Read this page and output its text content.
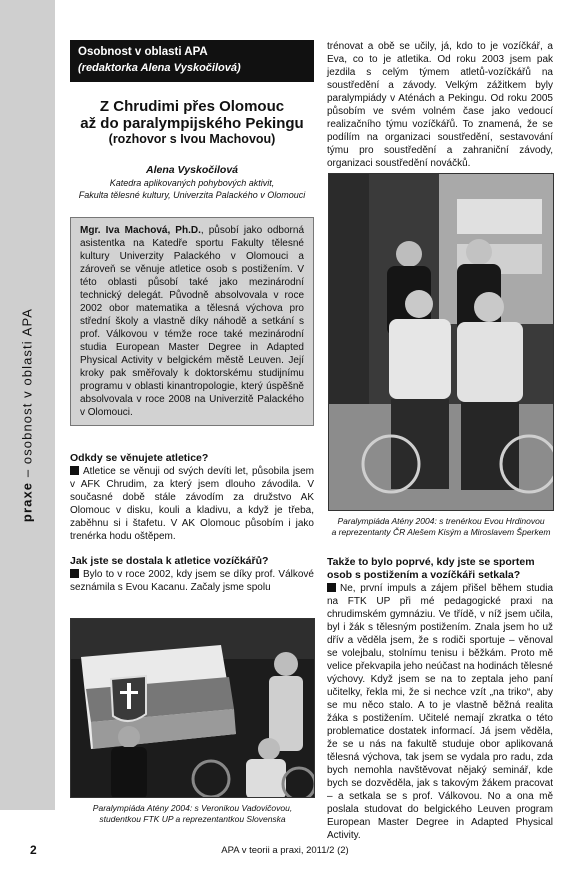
praxe – osobnost v oblasti APA
Osobnost v oblasti APA
(redaktorka Alena Vyskočilová)
Z Chrudimi přes Olomouc
až do paralympijského Pekingu
(rozhovor s Ivou Machovou)
Alena Vyskočilová
Katedra aplikovaných pohybových aktivit,
Fakulta tělesné kultury, Univerzita Palackého v Olomouci
Mgr. Iva Machová, Ph.D., působí jako odborná asistentka na Katedře sportu Fakulty tělesné kultury Univerzity Palackého v Olomouci a zároveň se věnuje atletice osob s postižením. V této oblasti působí také jako mezinárodní technický delegát. Původně absolvovala v roce 2002 obor matematika a tělesná výchova pro střední školy a vlastně díky náhodě a setkání s prof. Válkovou v témže roce také mezinárodní studia European Master Degree in Adapted Physical Activity v belgickém městě Leuven. Její kroky pak směřovaly k doktorskému studijnímu programu v oblasti kinantropologie, který úspěšně absolvovala v roce 2008 na Univerzitě Palackého v Olomouci.
Odkdy se věnujete atletice?
Atletice se věnuji od svých devíti let, působila jsem v AFK Chrudim, za který jsem dlouho závodila. V současné době stále závodím za družstvo AK Olomouc v disku, kouli a kladivu, a když je třeba, zaběhnu si i štafetu. V AK Olomouc působím i jako trenérka hodu oštěpem.
Jak jste se dostala k atletice vozíčkářů?
Bylo to v roce 2002, kdy jsem se díky prof. Válkové seznámila s Evou Kacanu. Začaly jsme spolu
Paralympiáda Atény 2004: s Veronikou Vadovičovou,
studentkou FTK UP a reprezentantkou Slovenska
trénovat a obě se učily, já, kdo to je vozíčkář, a Eva, co to je atletika. Od roku 2003 jsem pak jezdila s celým týmem atletů-vozíčkářů na soustředění a závody. Velkým zážitkem byly paralympiády v Aténách a Pekingu. Od roku 2005 působím ve svém volném čase jako vedoucí realizačního týmu vozíčkářů. To znamená, že se podílím na organizaci soustředění, sestavování týmu pro soustředění a zahraniční závody, organizaci soustředění nováčků.
Paralympiáda Atény 2004: s trenérkou Evou Hrdinovou
a reprezentanty ČR Alešem Kisým a Miroslavem Šperkem
Takže to bylo poprvé, kdy jste se sportem osob s postižením a vozíčkáři setkala?
Ne, první impuls a zájem přišel během studia na FTK UP při mé pedagogické praxi na chrudimském gymnáziu. Ve třídě, v níž jsem učila, byl i žák s tělesným postižením. Znala jsem ho už dřív a věděla jsem, že s rodiči sportuje – věnoval se volejbalu, stolnímu tenisu i běžkám. Proto mě velice překvapila jeho neúčast na hodinách tělesné výchovy. Když jsem se na to zeptala jeho paní učitelky, řekla mi, že si nechce vzít „na triko“, aby se mu něco stalo. A to je vlastně běžná realita žáka s postižením. Učitelé nemají zkratka o této problematice dostatek informací. Já jsem věděla, že se u nás na fakultě studuje obor aplikovaná tělesná výchova, tak jsem se vydala pro radu, zda bych nemohla navštěvovat nějaký seminář, kde bych se dozvěděla, jak s takovým žákem pracovat – a setkala se s prof. Válkovou. No a ona mě poslala studovat do belgického Leuven program European Master Degree in Adapted Physical Activity.
2	APA v teorii a praxi, 2011/2 (2)
